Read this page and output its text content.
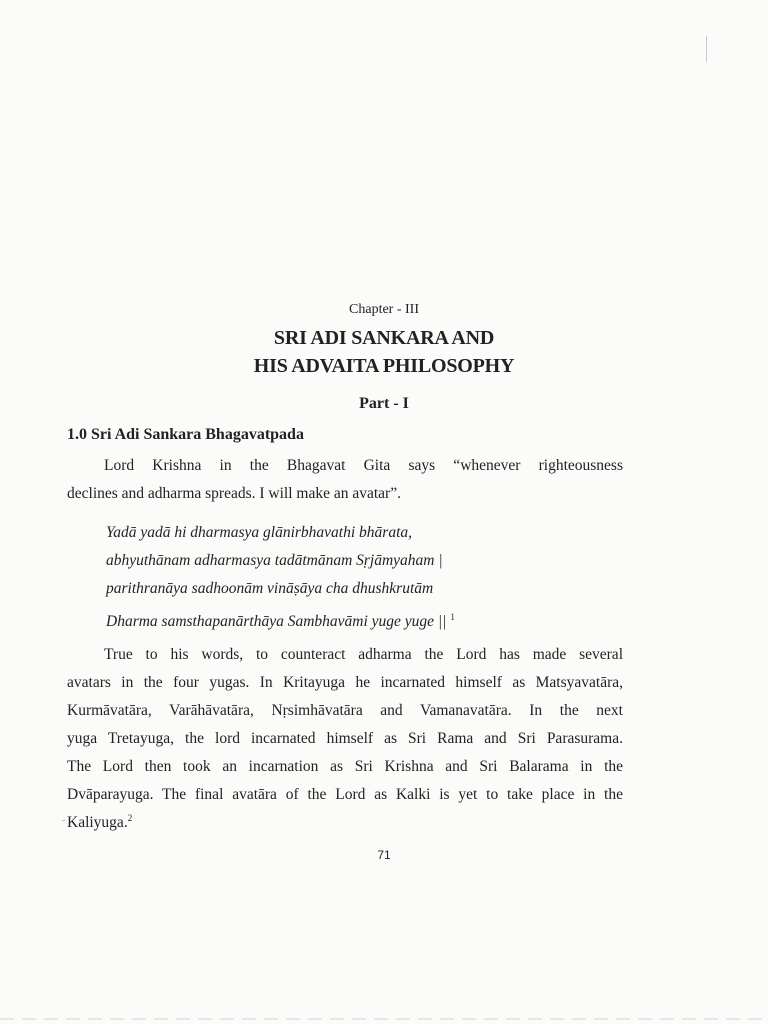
Chapter - III
SRI ADI SANKARA AND
HIS ADVAITA PHILOSOPHY
Part - I
1.0 Sri Adi Sankara Bhagavatpada
Lord Krishna in the Bhagavat Gita says “whenever righteousness
declines and adharma spreads. I will make an avatar”.
Yadā yadā hi dharmasya glānirbhavathi bhārata,
abhyuthānam adharmasya tadātmānam Sṛjāmyaham |
parithranāya sadhoonām vināṣāya cha dhushkrutām
Dharma samsthapanārthāya Sambhavāmi yuge yuge || $^1$
True to his words, to counteract adharma the Lord has made several
avatars in the four yugas. In Kritayuga he incarnated himself as Matsyavatāra,
Kurmāvatāra, Varāhāvatāra, Nṛsimhāvatāra and Vamanavatāra. In the next
yuga Tretayuga, the lord incarnated himself as Sri Rama and Sri Parasurama.
The Lord then took an incarnation as Sri Krishna and Sri Balarama in the
Dvāparayuga. The final avatāra of the Lord as Kalki is yet to take place in the
Kaliyuga.$^2$
71
